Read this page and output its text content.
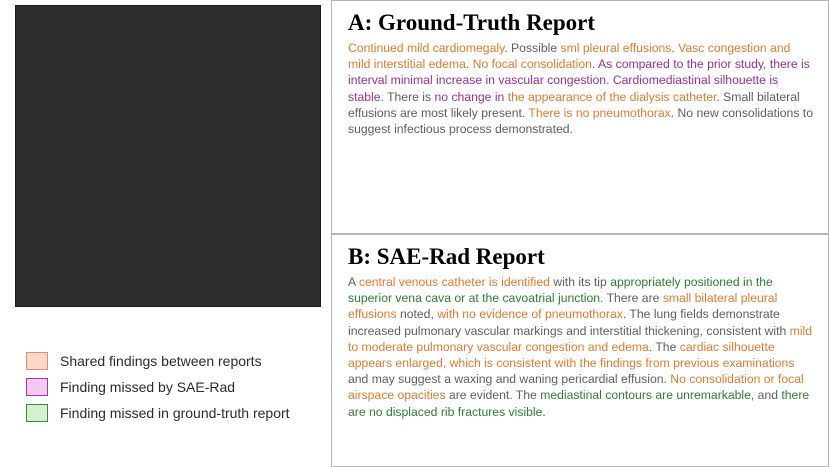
Shared findings between reports
Finding missed by SAE-Rad
Finding missed in ground-truth report
A: Ground-Truth Report
Continued mild cardiomegaly. Possible sml pleural effusions. Vasc congestion and mild interstitial edema. No focal consolidation. As compared to the prior study, there is interval minimal increase in vascular congestion. Cardiomediastinal silhouette is stable. There is no change in the appearance of the dialysis catheter. Small bilateral effusions are most likely present. There is no pneumothorax. No new consolidations to suggest infectious process demonstrated.
B: SAE-Rad Report
A central venous catheter is identified with its tip appropriately positioned in the superior vena cava or at the cavoatrial junction. There are small bilateral pleural effusions noted, with no evidence of pneumothorax. The lung fields demonstrate increased pulmonary vascular markings and interstitial thickening, consistent with mild to moderate pulmonary vascular congestion and edema. The cardiac silhouette appears enlarged, which is consistent with the findings from previous examinations and may suggest a waxing and waning pericardial effusion. No consolidation or focal airspace opacities are evident. The mediastinal contours are unremarkable, and there are no displaced rib fractures visible.
